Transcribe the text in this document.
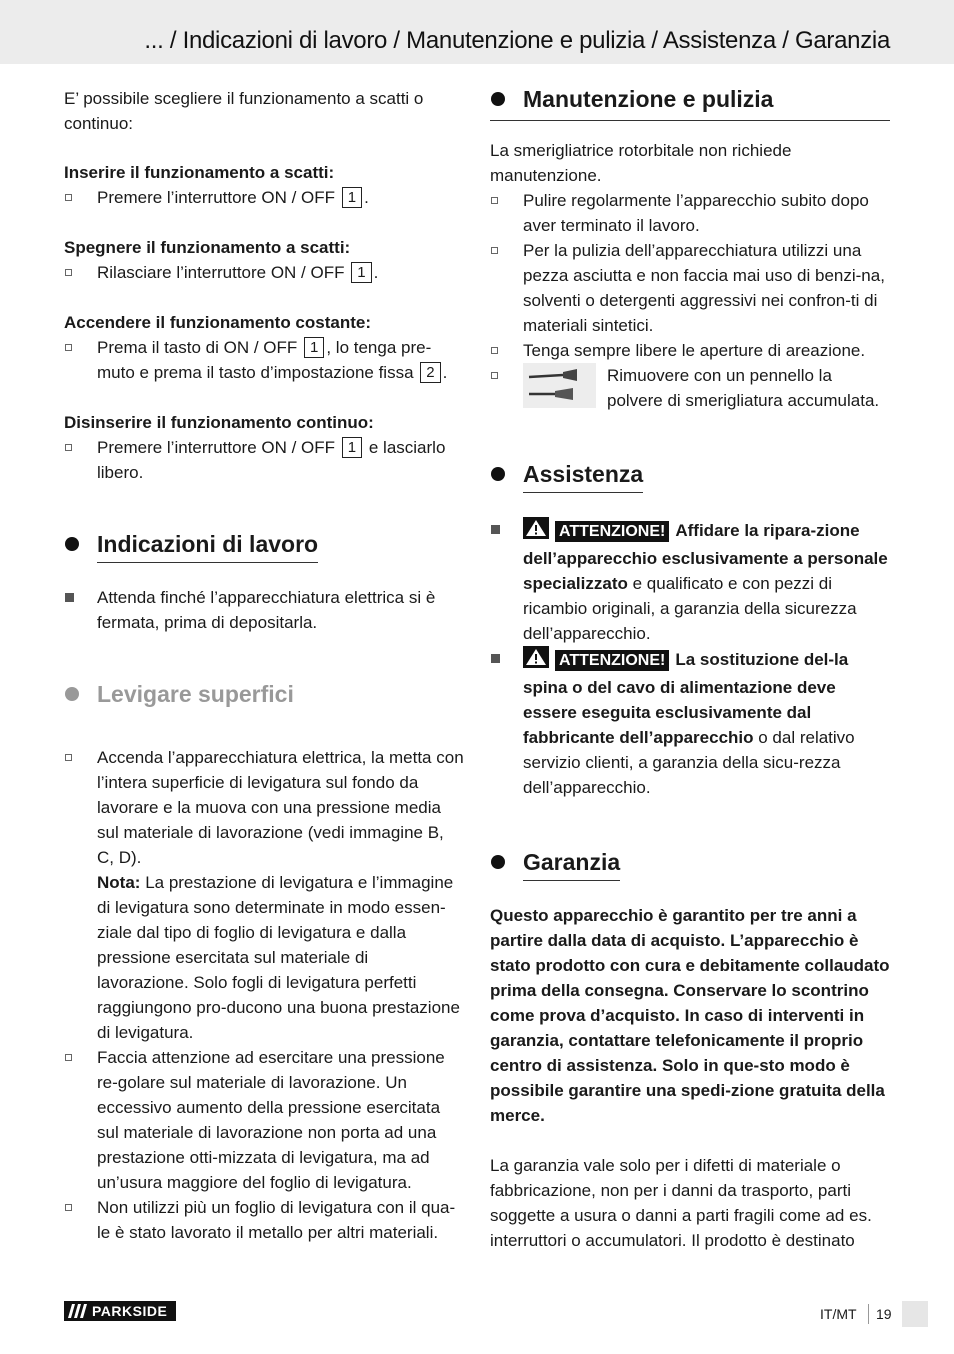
... / Indicazioni di lavoro / Manutenzione e pulizia / Assistenza / Garanzia

E’ possibile scegliere il funzionamento a scatti o continuo:

Inserire il funzionamento a scatti:

Premere l’interruttore ON / OFF 1 .

Spegnere il funzionamento a scatti:

Rilasciare l’interruttore ON / OFF 1 .

Accendere il funzionamento costante:

Prema il tasto di ON / OFF 1 , lo tenga pre-muto e prema il tasto d’impostazione fissa 2 .

Disinserire il funzionamento continuo:

Premere l’interruttore ON / OFF 1 e lasciarlo libero.
Indicazioni di lavoro
Attenda finché l’apparecchiatura elettrica si è fermata, prima di depositarla.
Levigare superfici
Accenda l’apparecchiatura elettrica, la metta con l’intera superficie di levigatura sul fondo da lavorare e la muova con una pressione media sul materiale di lavorazione (vedi immagine B, C, D).
Nota: La prestazione di levigatura e l’immagine di levigatura sono determinate in modo essen-ziale dal tipo di foglio di levigatura e dalla pressione esercitata sul materiale di lavorazione. Solo fogli di levigatura perfetti raggiungono pro-ducono una buona prestazione di levigatura.
Faccia attenzione ad esercitare una pressione re-golare sul materiale di lavorazione. Un eccessivo aumento della pressione esercitata sul materiale di lavorazione non porta ad una prestazione otti-mizzata di levigatura, ma ad un’usura maggiore del foglio di levigatura.
Non utilizzi più un foglio di levigatura con il qua-le è stato lavorato il metallo per altri materiali.
Manutenzione e pulizia

La smerigliatrice rotorbitale non richiede manutenzione.

Pulire regolarmente l’apparecchio subito dopo aver terminato il lavoro.
Per la pulizia dell’apparecchiatura utilizzi una pezza asciutta e non faccia mai uso di benzi-na, solventi o detergenti aggressivi nei confron-ti di materiali sintetici.
Tenga sempre libere le aperture di areazione.
Rimuovere con un pennello la polvere di smerigliatura accumulata.
Assistenza
ATTENZIONE! Affidare la ripara-zione dell’apparecchio esclusivamente a personale specializzato e qualificato e con pezzi di ricambio originali, a garanzia della sicurezza dell’apparecchio.
ATTENZIONE! La sostituzione del-la spina o del cavo di alimentazione deve essere eseguita esclusivamente dal fabbricante dell’apparecchio o dal relativo servizio clienti, a garanzia della sicu-rezza dell’apparecchio.
Garanzia

Questo apparecchio è garantito per tre anni a partire dalla data di acquisto. L’apparecchio è stato prodotto con cura e debitamente collaudato prima della consegna. Conservare lo scontrino come prova d’acquisto. In caso di interventi in garanzia, contattare telefonicamente il proprio centro di assistenza. Solo in que-sto modo è possibile garantire una spedi-zione gratuita della merce.

La garanzia vale solo per i difetti di materiale o fabbricazione, non per i danni da trasporto, parti soggette a usura o danni a parti fragili come ad es. interruttori o accumulatori. Il prodotto è destinato

PARKSIDE	IT/MT 19
